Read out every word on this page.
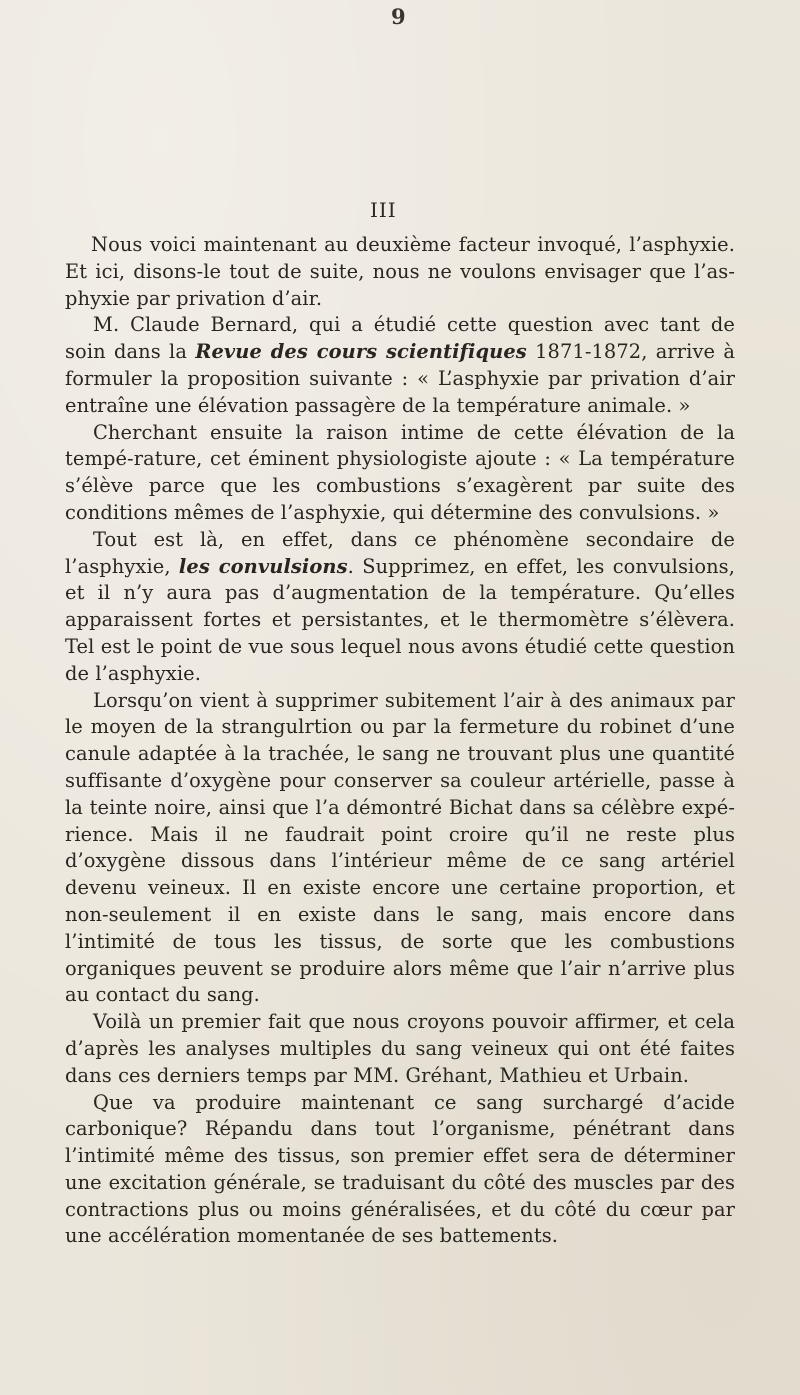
9
III

Nous voici maintenant au deuxième facteur invoqué, l’asphyxie. Et ici, disons-le tout de suite, nous ne voulons envisager que l’as-phyxie par privation d’air.

M. Claude Bernard, qui a étudié cette question avec tant de soin dans la Revue des cours scientifiques 1871-1872, arrive à formuler la proposition suivante : « L’asphyxie par privation d’air entraîne une élévation passagère de la température animale. »

Cherchant ensuite la raison intime de cette élévation de la tempé-rature, cet éminent physiologiste ajoute : « La température s’élève parce que les combustions s’exagèrent par suite des conditions mêmes de l’asphyxie, qui détermine des convulsions. »

Tout est là, en effet, dans ce phénomène secondaire de l’asphyxie, les convulsions. Supprimez, en effet, les convulsions, et il n’y aura pas d’augmentation de la température. Qu’elles apparaissent fortes et persistantes, et le thermomètre s’élèvera. Tel est le point de vue sous lequel nous avons étudié cette question de l’asphyxie.

Lorsqu’on vient à supprimer subitement l’air à des animaux par le moyen de la strangulrtion ou par la fermeture du robinet d’une canule adaptée à la trachée, le sang ne trouvant plus une quantité suffisante d’oxygène pour conserver sa couleur artérielle, passe à la teinte noire, ainsi que l’a démontré Bichat dans sa célèbre expé-rience. Mais il ne faudrait point croire qu’il ne reste plus d’oxygène dissous dans l’intérieur même de ce sang artériel devenu veineux. Il en existe encore une certaine proportion, et non-seulement il en existe dans le sang, mais encore dans l’intimité de tous les tissus, de sorte que les combustions organiques peuvent se produire alors même que l’air n’arrive plus au contact du sang.

Voilà un premier fait que nous croyons pouvoir affirmer, et cela d’après les analyses multiples du sang veineux qui ont été faites dans ces derniers temps par MM. Gréhant, Mathieu et Urbain.

Que va produire maintenant ce sang surchargé d’acide carbonique? Répandu dans tout l’organisme, pénétrant dans l’intimité même des tissus, son premier effet sera de déterminer une excitation générale, se traduisant du côté des muscles par des contractions plus ou moins généralisées, et du côté du cœur par une accélération momentanée de ses battements.
